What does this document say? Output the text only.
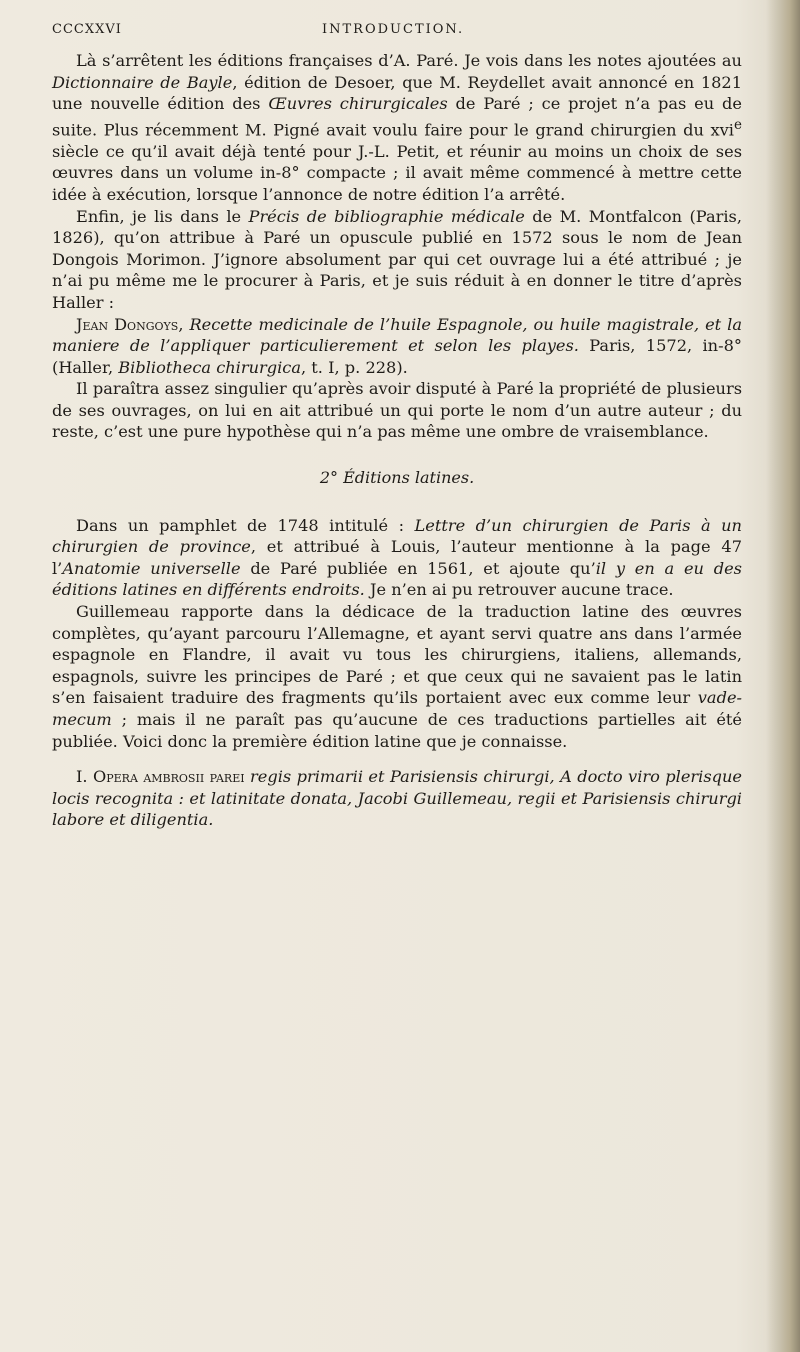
CCCXXVI	INTRODUCTION.

Là s’arrêtent les éditions françaises d’A. Paré. Je vois dans les notes ajoutées au Dictionnaire de Bayle, édition de Desoer, que M. Reydellet avait annoncé en 1821 une nouvelle édition des Œuvres chirurgicales de Paré ; ce projet n’a pas eu de suite. Plus récemment M. Pigné avait voulu faire pour le grand chirurgien du xvi$^e$ siècle ce qu’il avait déjà tenté pour J.-L. Petit, et réunir au moins un choix de ses œuvres dans un volume in-8° compacte ; il avait même commencé à mettre cette idée à exécution, lorsque l’annonce de notre édition l’a arrêté.

Enfin, je lis dans le Précis de bibliographie médicale de M. Montfalcon (Paris, 1826), qu’on attribue à Paré un opuscule publié en 1572 sous le nom de Jean Dongois Morimon. J’ignore absolument par qui cet ouvrage lui a été attribué ; je n’ai pu même me le procurer à Paris, et je suis réduit à en donner le titre d’après Haller :

Jean Dongoys, Recette medicinale de l’huile Espagnole, ou huile magistrale, et la maniere de l’appliquer particulierement et selon les playes. Paris, 1572, in-8° (Haller, Bibliotheca chirurgica, t. I, p. 228).

Il paraîtra assez singulier qu’après avoir disputé à Paré la propriété de plusieurs de ses ouvrages, on lui en ait attribué un qui porte le nom d’un autre auteur ; du reste, c’est une pure hypothèse qui n’a pas même une ombre de vraisemblance.

2° Éditions latines.

Dans un pamphlet de 1748 intitulé : Lettre d’un chirurgien de Paris à un chirurgien de province, et attribué à Louis, l’auteur mentionne à la page 47 l’Anatomie universelle de Paré publiée en 1561, et ajoute qu’il y en a eu des éditions latines en différents endroits. Je n’en ai pu retrouver aucune trace.

Guillemeau rapporte dans la dédicace de la traduction latine des œuvres complètes, qu’ayant parcouru l’Allemagne, et ayant servi quatre ans dans l’armée espagnole en Flandre, il avait vu tous les chirurgiens, italiens, allemands, espagnols, suivre les principes de Paré ; et que ceux qui ne savaient pas le latin s’en faisaient traduire des fragments qu’ils portaient avec eux comme leur vade-mecum ; mais il ne paraît pas qu’aucune de ces traductions partielles ait été publiée. Voici donc la première édition latine que je connaisse.

I. Opera ambrosii parei regis primarii et Parisiensis chirurgi, A docto viro plerisque locis recognita : et latinitate donata, Jacobi Guillemeau, regii et Parisiensis chirurgi labore et diligentia.
